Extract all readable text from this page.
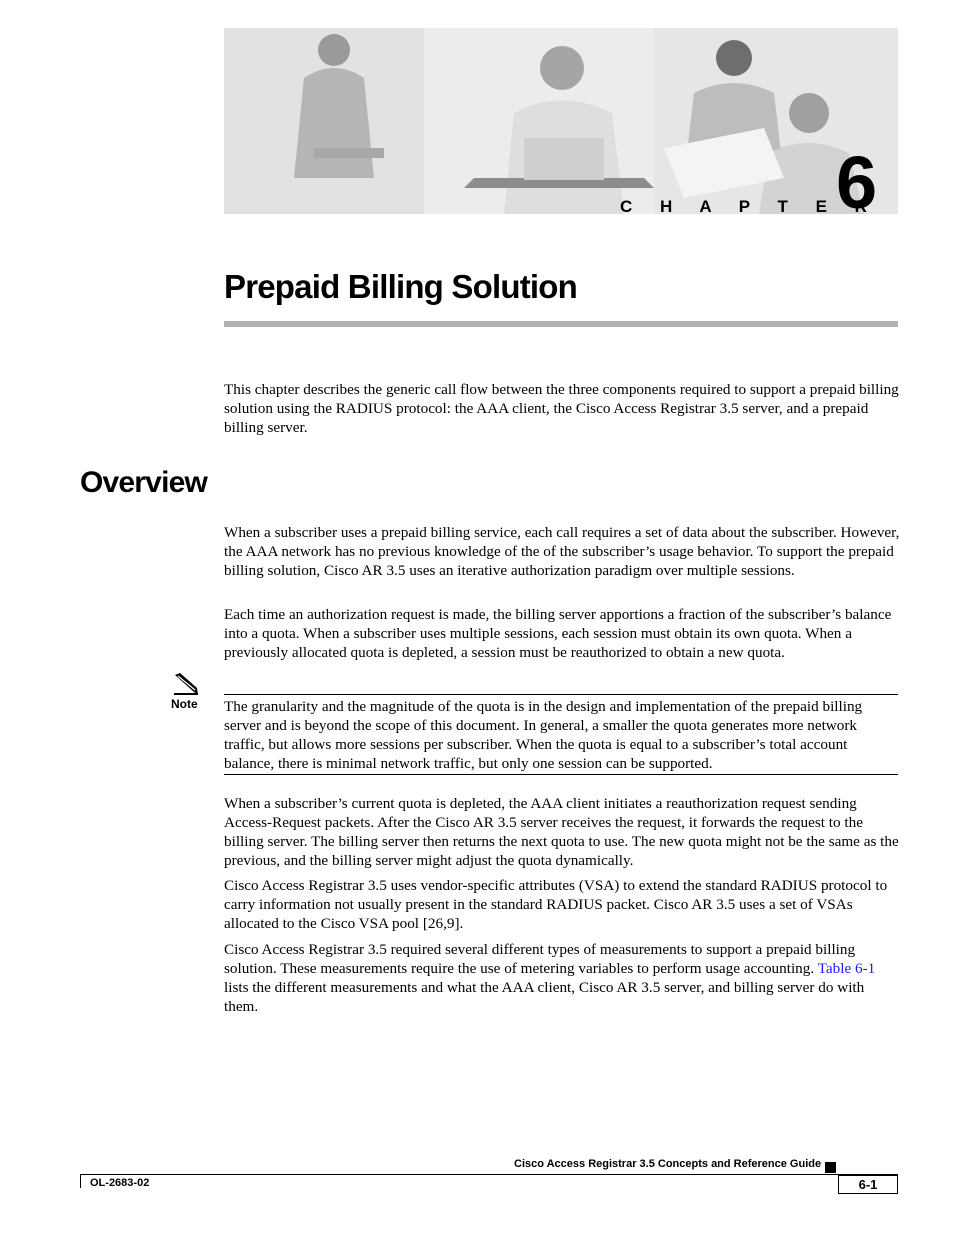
C H A P T E R
6
Prepaid Billing Solution

This chapter describes the generic call flow between the three components required to support a prepaid billing solution using the RADIUS protocol: the AAA client, the Cisco Access Registrar 3.5 server, and a prepaid billing server.

Overview

When a subscriber uses a prepaid billing service, each call requires a set of data about the subscriber. However, the AAA network has no previous knowledge of the of the subscriber’s usage behavior. To support the prepaid billing solution, Cisco AR 3.5 uses an iterative authorization paradigm over multiple sessions.

Each time an authorization request is made, the billing server apportions a fraction of the subscriber’s balance into a quota. When a subscriber uses multiple sessions, each session must obtain its own quota. When a previously allocated quota is depleted, a session must be reauthorized to obtain a new quota.

Note The granularity and the magnitude of the quota is in the design and implementation of the prepaid billing server and is beyond the scope of this document. In general, a smaller the quota generates more network traffic, but allows more sessions per subscriber. When the quota is equal to a subscriber’s total account balance, there is minimal network traffic, but only one session can be supported.

When a subscriber’s current quota is depleted, the AAA client initiates a reauthorization request sending Access-Request packets. After the Cisco AR 3.5 server receives the request, it forwards the request to the billing server. The billing server then returns the next quota to use. The new quota might not be the same as the previous, and the billing server might adjust the quota dynamically.

Cisco Access Registrar 3.5 uses vendor-specific attributes (VSA) to extend the standard RADIUS protocol to carry information not usually present in the standard RADIUS packet. Cisco AR 3.5 uses a set of VSAs allocated to the Cisco VSA pool [26,9].

Cisco Access Registrar 3.5 required several different types of measurements to support a prepaid billing solution. These measurements require the use of metering variables to perform usage accounting. Table 6-1 lists the different measurements and what the AAA client, Cisco AR 3.5 server, and billing server do with them.

Cisco Access Registrar 3.5 Concepts and Reference Guide
OL-2683-02	6-1
